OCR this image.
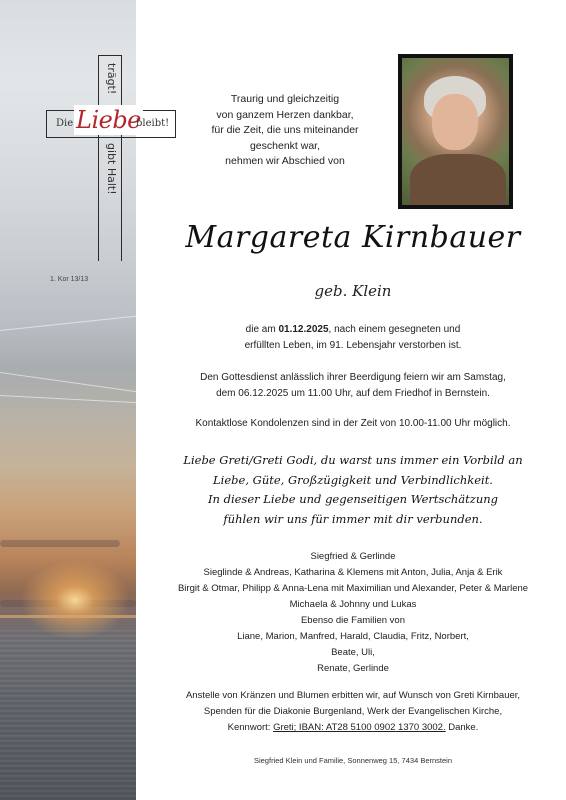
Die Liebe
bleibt!
trägt!
gibt Halt!
1. Kor 13/13
Traurig und gleichzeitig
von ganzem Herzen dankbar,
für die Zeit, die uns miteinander
geschenkt war,
nehmen wir Abschied von
Margareta Kirnbauer
geb. Klein
die am 01.12.2025, nach einem gesegneten und
erfüllten Leben, im 91. Lebensjahr verstorben ist.
Den Gottesdienst anlässlich ihrer Beerdigung feiern wir am Samstag,
dem 06.12.2025 um 11.00 Uhr, auf dem Friedhof in Bernstein.
Kontaktlose Kondolenzen sind in der Zeit von 10.00-11.00 Uhr möglich.
Liebe Greti/Greti Godi, du warst uns immer ein Vorbild an
Liebe, Güte, Großzügigkeit und Verbindlichkeit.
In dieser Liebe und gegenseitigen Wertschätzung
fühlen wir uns für immer mit dir verbunden.
Siegfried & Gerlinde
Sieglinde & Andreas, Katharina & Klemens mit Anton, Julia, Anja & Erik
Birgit & Otmar, Philipp & Anna-Lena mit Maximilian und Alexander, Peter & Marlene
Michaela & Johnny und Lukas
Ebenso die Familien von
Liane, Marion, Manfred, Harald, Claudia, Fritz, Norbert,
Beate, Uli,
Renate, Gerlinde
Anstelle von Kränzen und Blumen erbitten wir, auf Wunsch von Greti Kirnbauer,
Spenden für die Diakonie Burgenland, Werk der Evangelischen Kirche,
Kennwort: Greti; IBAN: AT28 5100 0902 1370 3002. Danke.
Siegfried Klein und Familie, Sonnenweg 15, 7434 Bernstein
